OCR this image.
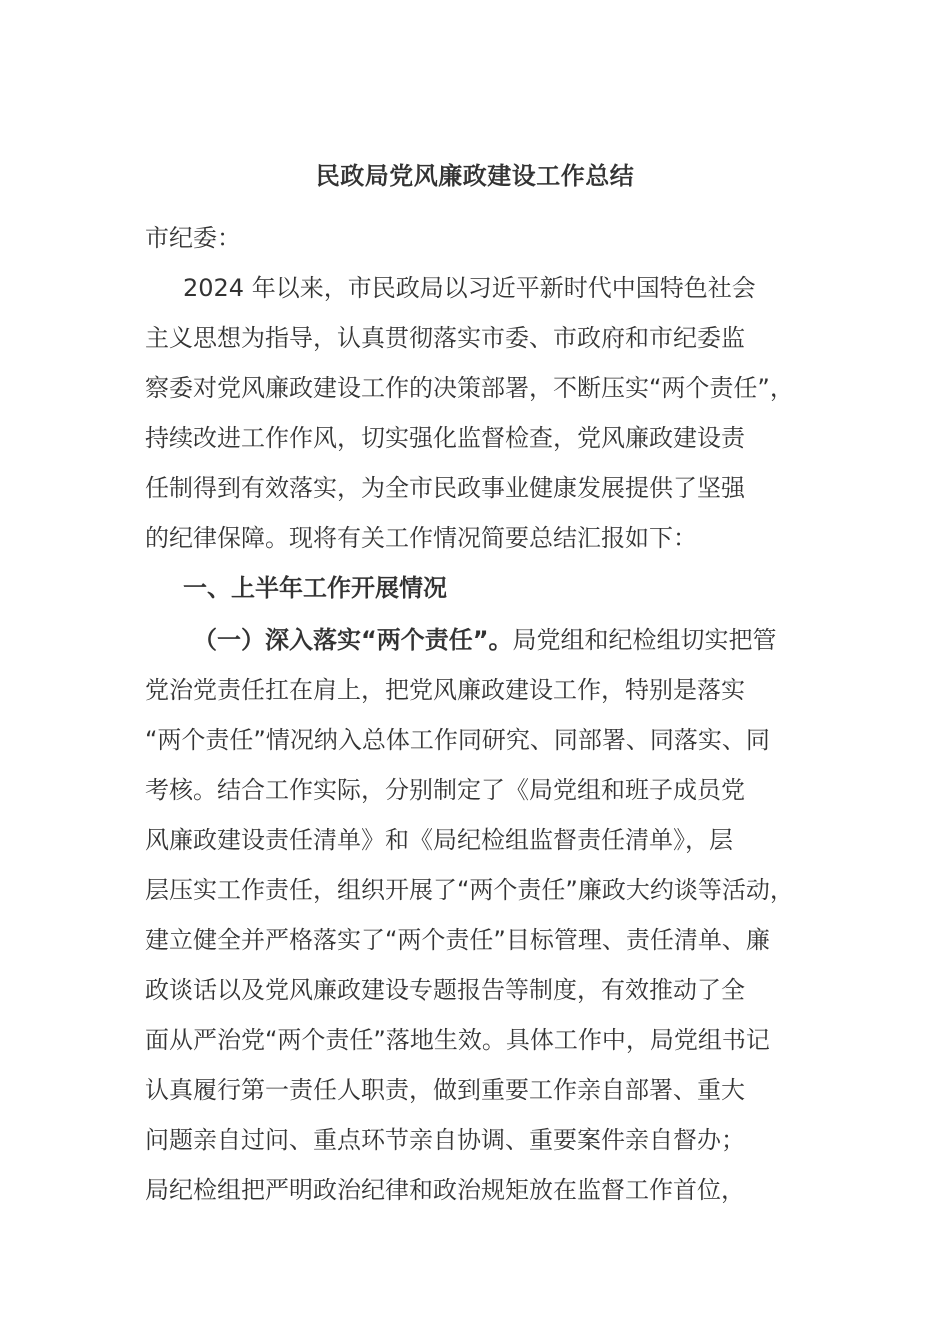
民政局党风廉政建设工作总结
市纪委：
2024 年以来，市民政局以习近平新时代中国特色社会
主义思想为指导，认真贯彻落实市委、市政府和市纪委监
察委对党风廉政建设工作的决策部署，不断压实“两个责任”，
持续改进工作作风，切实强化监督检查，党风廉政建设责
任制得到有效落实，为全市民政事业健康发展提供了坚强
的纪律保障。现将有关工作情况简要总结汇报如下：
一、上半年工作开展情况
（一）深入落实“两个责任”。局党组和纪检组切实把管
党治党责任扛在肩上，把党风廉政建设工作，特别是落实
“两个责任”情况纳入总体工作同研究、同部署、同落实、同
考核。结合工作实际，分别制定了《局党组和班子成员党
风廉政建设责任清单》和《局纪检组监督责任清单》，层
层压实工作责任，组织开展了“两个责任”廉政大约谈等活动，
建立健全并严格落实了“两个责任”目标管理、责任清单、廉
政谈话以及党风廉政建设专题报告等制度，有效推动了全
面从严治党“两个责任”落地生效。具体工作中，局党组书记
认真履行第一责任人职责，做到重要工作亲自部署、重大
问题亲自过问、重点环节亲自协调、重要案件亲自督办；
局纪检组把严明政治纪律和政治规矩放在监督工作首位，
